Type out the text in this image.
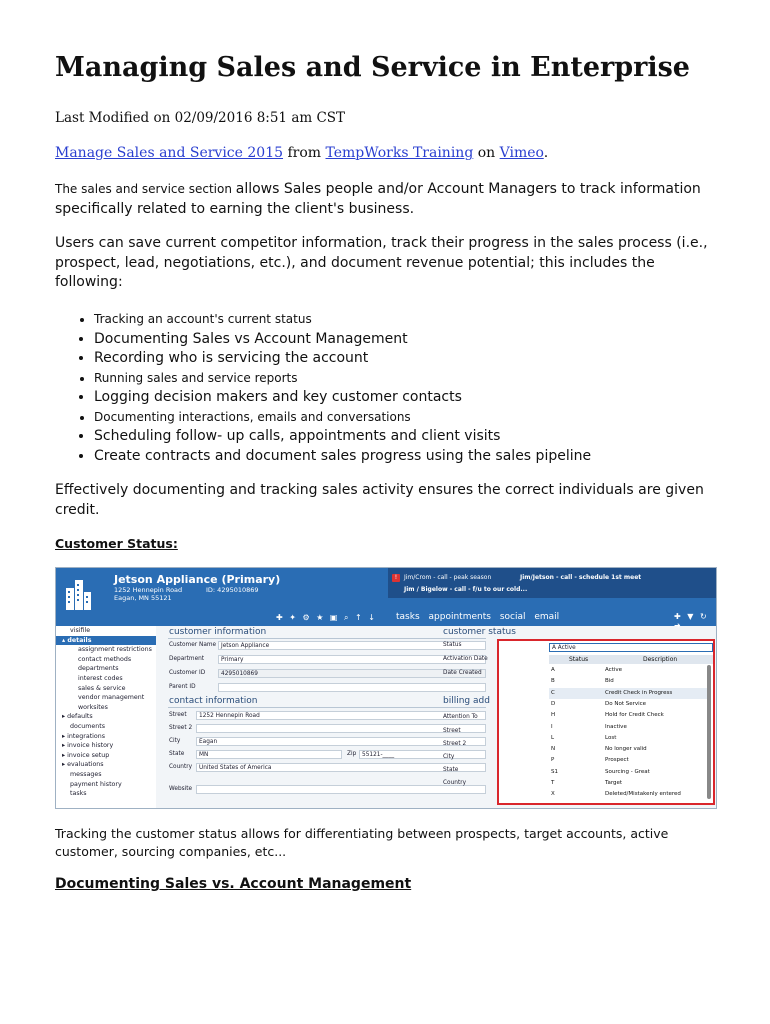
Managing Sales and Service in Enterprise
Last Modified on 02/09/2016 8:51 am CST
Manage Sales and Service 2015 from TempWorks Training on Vimeo.
The sales and service section allows Sales people and/or Account Managers to track information specifically related to earning the client's business.
Users can save current competitor information, track their progress in the sales process (i.e., prospect, lead, negotiations, etc.), and document revenue potential; this includes the following:
• Tracking an account's current status
• Documenting Sales vs Account Management
• Recording who is servicing the account
• Running sales and service reports
• Logging decision makers and key customer contacts
• Documenting interactions, emails and conversations
• Scheduling follow- up calls, appointments and client visits
• Create contracts and document sales progress using the sales pipeline
Effectively documenting and tracking sales activity ensures the correct individuals are given credit.
Customer Status:
Jetson Appliance (Primary)
1252 Hennepin Road
Eagan, MN 55121
ID: 4295010869
!	Jim/Crom - call - peak season
Jim / Bigelow - call - f/u to our cold...
Jim/Jetson - call - schedule 1st meet
✚ ✦ ⚙ ★ ▣ ⌕ ↑ ↓ tasks appointments social email	✚ ▼ ↻ ➜
visifile
▴ details
assignment restrictions
contact methods
departments
interest codes
sales & service
vendor management
worksites
▸ defaults
documents
▸ integrations
▸ invoice history
▸ invoice setup
▸ evaluations
messages
payment history
tasks
customer information
Customer Name Jetson Appliance
Department	Primary
Customer ID	4295010869
Parent ID
contact information
Street	1252 Hennepin Road
Street 2
City	Eagan
State	MN	Zip 55121-____
Country	United States of America
Website
customer status
Status
Activation Date
Date Created
billing add
Attention To
Street
Street 2
City
State
Country
A Active
Status	Description
A	Active
B	Bid
C	Credit Check in Progress
D	Do Not Service
H	Hold for Credit Check
I	Inactive
L	Lost
N	No longer valid
P	Prospect
S1	Sourcing - Great
T	Target
X	Deleted/Mistakenly entered
Tracking the customer status allows for differentiating between prospects, target accounts, active customer, sourcing companies, etc...
Documenting Sales vs. Account Management
